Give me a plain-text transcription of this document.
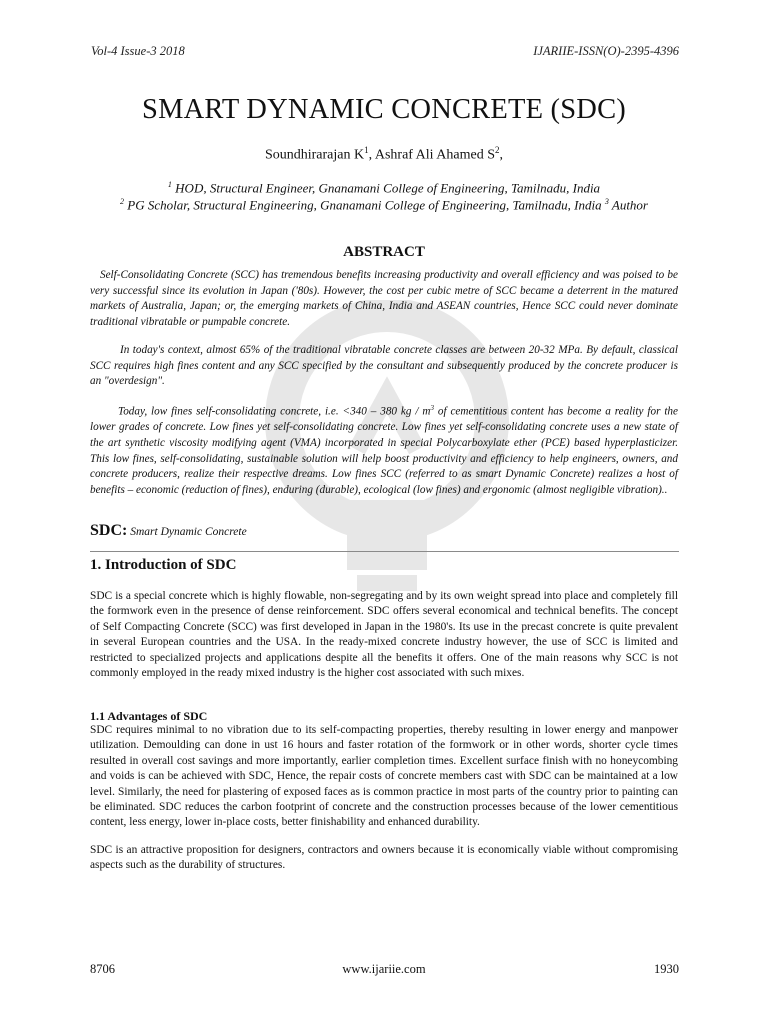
Vol-4 Issue-3 2018	IJARIIE-ISSN(O)-2395-4396
SMART DYNAMIC CONCRETE (SDC)
Soundhirarajan $K^1$, Ashraf Ali Ahamed $S^2$,
$^1$ HOD, Structural Engineer, Gnanamani College of Engineering, Tamilnadu, India
$^2$ PG Scholar, Structural Engineering, Gnanamani College of Engineering, Tamilnadu, India $^3$ Author
ABSTRACT
Self-Consolidating Concrete (SCC) has tremendous benefits increasing productivity and overall efficiency and was poised to be very successful since its evolution in Japan ('80s). However, the cost per cubic metre of SCC became a deterrent in the matured markets of Australia, Japan; or, the emerging markets of China, India and ASEAN countries, Hence SCC could never dominate traditional vibratable or pumpable concrete.
In today's context, almost 65% of the traditional vibratable concrete classes are between 20-32 MPa. By default, classical SCC requires high fines content and any SCC specified by the consultant and subsequently produced by the concrete producer is an "overdesign".
Today, low fines self-consolidating concrete, i.e. <340 – 380 kg / $m^3$ of cementitious content has become a reality for the lower grades of concrete. Low fines yet self-consolidating concrete. Low fines yet self-consolidating concrete uses a new state of the art synthetic viscosity modifying agent (VMA) incorporated in special Polycarboxylate ether (PCE) based hyperplasticizer. This low fines, self-consolidating, sustainable solution will help boost productivity and efficiency to help engineers, owners, and concrete producers, realize their respective dreams. Low fines SCC (referred to as smart Dynamic Concrete) realizes a host of benefits – economic (reduction of fines), enduring (durable), ecological (low fines) and ergonomic (almost negligible vibration)..
SDC: Smart Dynamic Concrete
1. Introduction of SDC
SDC is a special concrete which is highly flowable, non-segregating and by its own weight spread into place and completely fill the formwork even in the presence of dense reinforcement. SDC offers several economical and technical benefits. The concept of Self Compacting Concrete (SCC) was first developed in Japan in the 1980's. Its use in the precast concrete is quite prevalent in several European countries and the USA. In the ready-mixed concrete industry however, the use of SCC is limited and restricted to specialized projects and applications despite all the benefits it offers. One of the main reasons why SCC is not commonly employed in the ready mixed industry is the higher cost associated with such mixes.
1.1 Advantages of SDC
SDC requires minimal to no vibration due to its self-compacting properties, thereby resulting in lower energy and manpower utilization. Demoulding can done in ust 16 hours and faster rotation of the formwork or in other words, shorter cycle times resulted in overall cost savings and more importantly, earlier completion times. Excellent surface finish with no honeycombing and voids is can be achieved with SDC, Hence, the repair costs of concrete members cast with SDC can be maintained at a low level. Similarly, the need for plastering of exposed faces as is common practice in most parts of the country prior to painting can be eliminated. SDC reduces the carbon footprint of concrete and the construction processes because of the lower cementitious content, less energy, lower in-place costs, better finishability and enhanced durability.
SDC is an attractive proposition for designers, contractors and owners because it is economically viable without compromising aspects such as the durability of structures.
8706	www.ijariie.com	1930
